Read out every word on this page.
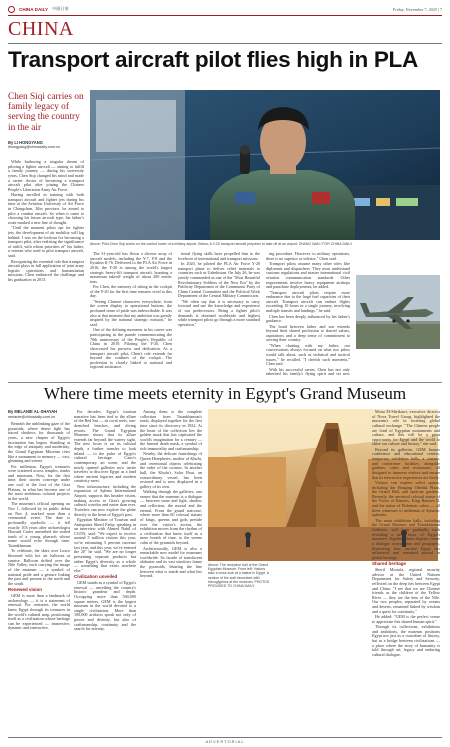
CHINA DAILY 中國日報	Friday, November 7, 2025 | 7
CHINA
Transport aircraft pilot flies high in PLA
Chen Siqi carries on family legacy of serving the country in the air
By LI HONGYANG
lihongyang@chinadaily.com.cn

While harboring a singular dream of piloting a fighter aircraft — aiming to fulfill a family journey — during his university years, Chen Siqi changed his mind and made a career choice of becoming a transport aircraft pilot after joining the Chinese People's Liberation Army Air Force.

Having enrolled in training with both transport aircraft and fighter jets during his time at the Aviation University of Air Force in Changchun, Jilin province, he aimed to pilot a combat aircraft. So when it came to choosing his future aircraft type, his father's route marked a new line of thought.

"Until the moment pilots opt for fighter jets, the development of air mobility will lag behind. I was on the lookout for becoming a transport pilot, after realizing the significance of airlift, with whom priorities of" his father, a veteran who used to pilot transport aircraft, said.

Recognizing the essential role that transport aircraft plays in full application of joint army logistic operations and humanitarian missions, Chen embraced the challenge and his graduation in 2013.

Above: Pilot Chen Siqi works on the control tower of a military airport. Below: A Y-20 transport aircraft prepares to take off at an airport. ZHANG NAN / FOR CHINA DAILY

The 31-year-old has flown a diverse array of aircraft models, including the Y-7, Y-8 and the Ilyushin Il-76. Delivered to the PLA Air Force in 2016, the Y-20 is among the world's largest strategic heavy-lift transport aircraft, boasting a maximum takeoff weight of about 200 metric tons.

For Chen, the memory of sitting in the cockpit of the Y-20 for the first time remains vivid to this day.

"Seeing Chinese characters everywhere, from the screen display to operational buttons, the profound sense of pride was indescribable. It was also at that moment that my ambition was greatly inspired by the national strategic mission," he said.

One of the defining moments in his career was participating in the parade commemorating the 70th anniversary of the People's Republic of China in 2019. Piloting the Y-20, Chen showcased his prowess and dedication. As a transport aircraft pilot, Chen's role extends far beyond the confines of the cockpit. The profession is closely linked to national and regional assistance.

tional flying skills have propelled him to the forefront of international and transport missions.

In 2020, he piloted the PLA Air Force Y-20 transport plane to deliver relief materials to countries such as Uzbekistan. On July 26, he was jointly commended as one of the "Most Beautiful Revolutionary Soldiers of the New Era" by the Publicity Department of the Communist Party of China Central Committee and the Political Work Department of the Central Military Commission.

"We often say that it is necessary to carry forward and use the knowledge and experience of our predecessors. Being a fighter pilot's demands is obtained worldwide and highest while transport pilots go through a more standard operation."

ing procedure. However, to military operations, there is no superior or inferior," Chen said.

Transport pilots assume many other roles like diplomats and dispatchers. They must understand customs regulations and master international civil aviation communication standards. Other requirements involve heavy equipment airdrops and parachute deployments, he added.

"Transport aircraft pilots require more endurance due to the large fuel capacities of their aircraft. Transport aircraft can endure flights exceeding 10 hours in a single journey, involving multiple transits and landings," he said.

Chen has been deeply influenced by his father's guidance.

The bond between father and son extends beyond their shared profession to shared values, aspirations and a deep sense of commitment to serving their country.

"When chatting with my father, our conversations always focused on what two pilots would talk about, such as technical and tactical issues," he recalled. "I cherish such moments," Chen said.

With his successful career, Chen has not only inherited his family's flying spirit and set new

Where time meets eternity in Egypt's Grand Museum
By MELANIE AL-SHAYAH
melanie@chinadaily.com.cn

Beneath the unblinking gaze of the pyramids, where desert light has traced shadows for thousands of years, a new chapter of Egypt's fascination has begun. Standing at the edge of antiquity and modernity, the Grand Egyptian Museum rises like a monument to memory — vast, gleaming and serene.

For millennia, Egypt's treasures were scattered across temples, tombs and museums. Now, for the first time, their stories converge under one roof at the foot of the Giza Plateau, in what has become one of the most ambitious cultural projects in the world.

The museum's official opening on Nov 1, followed by its public debut on Nov 4, marked more than a ceremonial event. The date is profoundly symbolic — it fell exactly 103 years after archaeologist Howard Carter unearthed the sealed tomb of a young pharaoh whose name would echo through time: Tutankhamun.

To celebrate, the skies over Luxor bloomed with hot air balloons at sunrise. Balloons drifted over the Nile Valley, each carrying the image of the museum — a symbol of national pride and a gesture linking the past and present to the north and the south.

Renewed vision

GEM is more than a landmark of archaeology — it is a statement of renewal. For centuries, the world knew Egypt through its treasures in the world's cultural map, positioning itself as a civilization whose heritage can be experienced — immersive, dynamic and interactive.

For decades, Egypt's tourism narrative has been tied to the allure of the Red Sea — its coral reefs, sun-drenched beaches, and diving resorts. The Grand Egyptian Museum shows that its allure extends far beyond the watery sight. The new focus is on its cultural depth, a further transfer to look inland — to the pulse of Egypt's cultural heritage. Cairo's contemporary art scene, and the newly opened galleries now invite travelers to discover Egypt as a land where ancient legacies and modern creativity meet.

New infrastructure, including the expansion of Sphinx International Airport, supports this broader vision, making access to Giza's growing cultural corridor and easier than ever. Travelers can now explore the globe directly to the heart of Egypt's past.

Egyptian Minister of Tourism and Antiquities Sherif Fathy, speaking in an interview with Ahmed Nabil of CGTN, said: "We expect to receive around 5 million visitors this year, we're estimating 5 percent increase last year, and this year, we've entered the 20" he said. "We are no longer presenting separate products but rather Egypt's diversity as a whole — something that exists nowhere else."

Civilization unveiled

GEM stands as a symbol of Egypt's renewal — unveiling the country's historic grandeur and depth. Occupying more than 500,000 square meters, GEM is the largest museum in the world devoted to a single civilization. More than 100,000 artifacts speak not only of power and divinity, but also of craftsmanship, continuity and the search for eternity.

Among them is the complete collection from Tutankhamun's tomb, displayed together for the first time since its discovery in 1922. At the heart of the collection lies the golden mask that has captivated the world's imagination for a century — the funeral death mask, a symbol of rich immortality and craftsmanship.

Nearby, the delicate furnishings of Queen Hetepheres, mother of Khufu, and ceremonial objects celebrating the order of the cosmos. In another hall, the Khufu's Solar Boat, an extraordinary vessel, has been restored and is now displayed in a gallery of its own.

Walking through the galleries, one senses that the museum is a dialogue — between stone and light, shadow and reflection, the mortal and the eternal. From the grand staircase, where more than 60 colossal statues of kings, queens and gods preside over the visitor's ascent, the exhibition moves from the rhythm of a civilization that knew itself as a mere breath of time, to the serene calm of the pyramids beyond.

Architecturally, GEM is also a remarkable new model for museums worldwide. Its facade of translucent alabaster and its vast windows frame the pyramids, blurring the line between what is inside and what lies beyond.

Above: The reception hall of the Grand Egyptian Museum. From left: Visitors take a close look at a statue in Egypt. A section of the wall decorated with hieroglyphics at the museum. PHOTOS PROVIDED TO CHINA DAILY

Mona El-Sheikawi, executive director of Nova Travel Group, highlighted the museum's role in fostering global cultural exchange. "The Chinese people are fond of Egyptian monuments and culture, and this will be a great opportunity for Egypt and the world to share our culture and history," she said.

Beyond its galleries, GEM houses conference and educational centers, temporary exhibition halls, a cinema, and conference facilities, alongside gardens, cafes and restaurants, all designed to immerse visitors and ensure that its interactive experiences are lively.

Visitors can explore select spaces, including the Hanging Obelisk Plaza, the Grand Hall, and open-air gardens. Recently, the ancestral colossal statue of the Victor of Ramses, King Ramses II, and the statue of Ptolemaic rulers — all these witnesses to millennia of dynastic splendor.

The main exhibition halls, including the Grand Museum and Tutankhamun Galleries, will open gradually, each revealing a new layer of Egypt's narrative. Together, these displays create a dialogue across time and geography, illustrating how ancient Egypt has influenced and remained pivotal in global heritage.

Shared heritage

Sherif Mostafa, regional security advisor at the United Nations Department for Safety and Security, reflected on the deep ties between Egypt and China: "I see that we are Chinese friends as the children of the Yellow River — they are the lens of the Nile. Our two peoples, separated by oceans and deserts, remained linked by wisdom and a quest for continuity."

He added: "GEM is the perfect venue to appreciate this shared human spirit."

Through its collections, exhibitions and ambitions, the museum positions Egypt not just as a custodian of history, but as a bridge between civilizations — a place where the story of humanity is told through art, legacy and enduring cultural dialogue.

ADVERTORIAL
